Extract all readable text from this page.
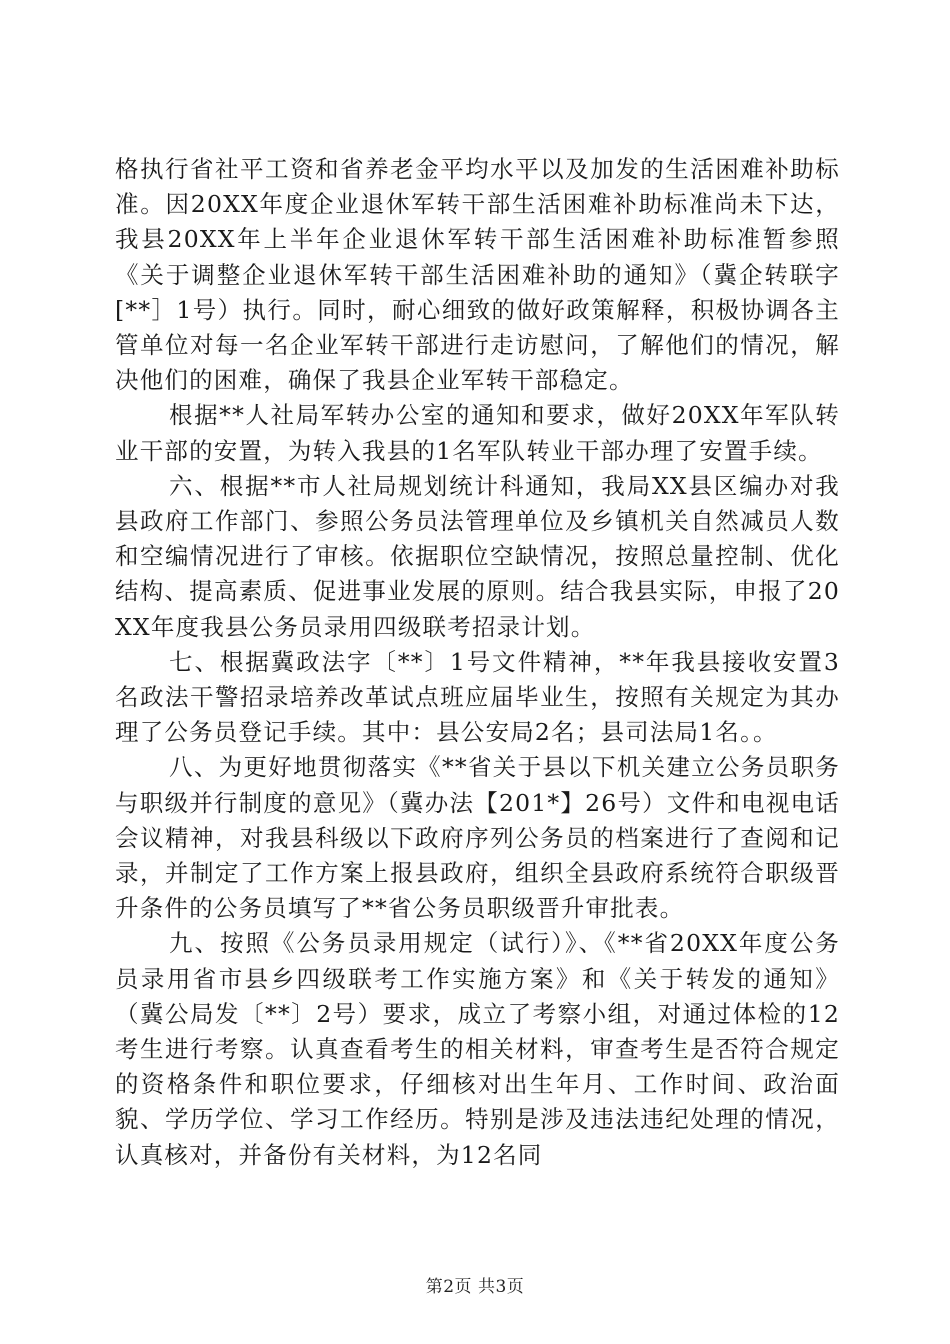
格执行省社平工资和省养老金平均水平以及加发的生活困难补助标准。因20XX年度企业退休军转干部生活困难补助标准尚未下达，我县20XX年上半年企业退休军转干部生活困难补助标准暂参照《关于调整企业退休军转干部生活困难补助的通知》（冀企转联字[**］1号）执行。同时，耐心细致的做好政策解释，积极协调各主管单位对每一名企业军转干部进行走访慰问，了解他们的情况，解决他们的困难，确保了我县企业军转干部稳定。

根据**人社局军转办公室的通知和要求，做好20XX年军队转业干部的安置，为转入我县的1名军队转业干部办理了安置手续。

六、根据**市人社局规划统计科通知，我局XX县区编办对我县政府工作部门、参照公务员法管理单位及乡镇机关自然减员人数和空编情况进行了审核。依据职位空缺情况，按照总量控制、优化结构、提高素质、促进事业发展的原则。结合我县实际，申报了20XX年度我县公务员录用四级联考招录计划。

七、根据冀政法字〔**〕1号文件精神，**年我县接收安置3名政法干警招录培养改革试点班应届毕业生，按照有关规定为其办理了公务员登记手续。其中：县公安局2名；县司法局1名。。

八、为更好地贯彻落实《**省关于县以下机关建立公务员职务与职级并行制度的意见》（冀办法【201*】26号）文件和电视电话会议精神，对我县科级以下政府序列公务员的档案进行了查阅和记录，并制定了工作方案上报县政府，组织全县政府系统符合职级晋升条件的公务员填写了**省公务员职级晋升审批表。

九、按照《公务员录用规定（试行）》、《**省20XX年度公务员录用省市县乡四级联考工作实施方案》和《关于转发的通知》（冀公局发〔**〕2号）要求，成立了考察小组，对通过体检的12考生进行考察。认真查看考生的相关材料，审查考生是否符合规定的资格条件和职位要求，仔细核对出生年月、工作时间、政治面貌、学历学位、学习工作经历。特别是涉及违法违纪处理的情况，认真核对，并备份有关材料，为12名同

第2页 共3页
